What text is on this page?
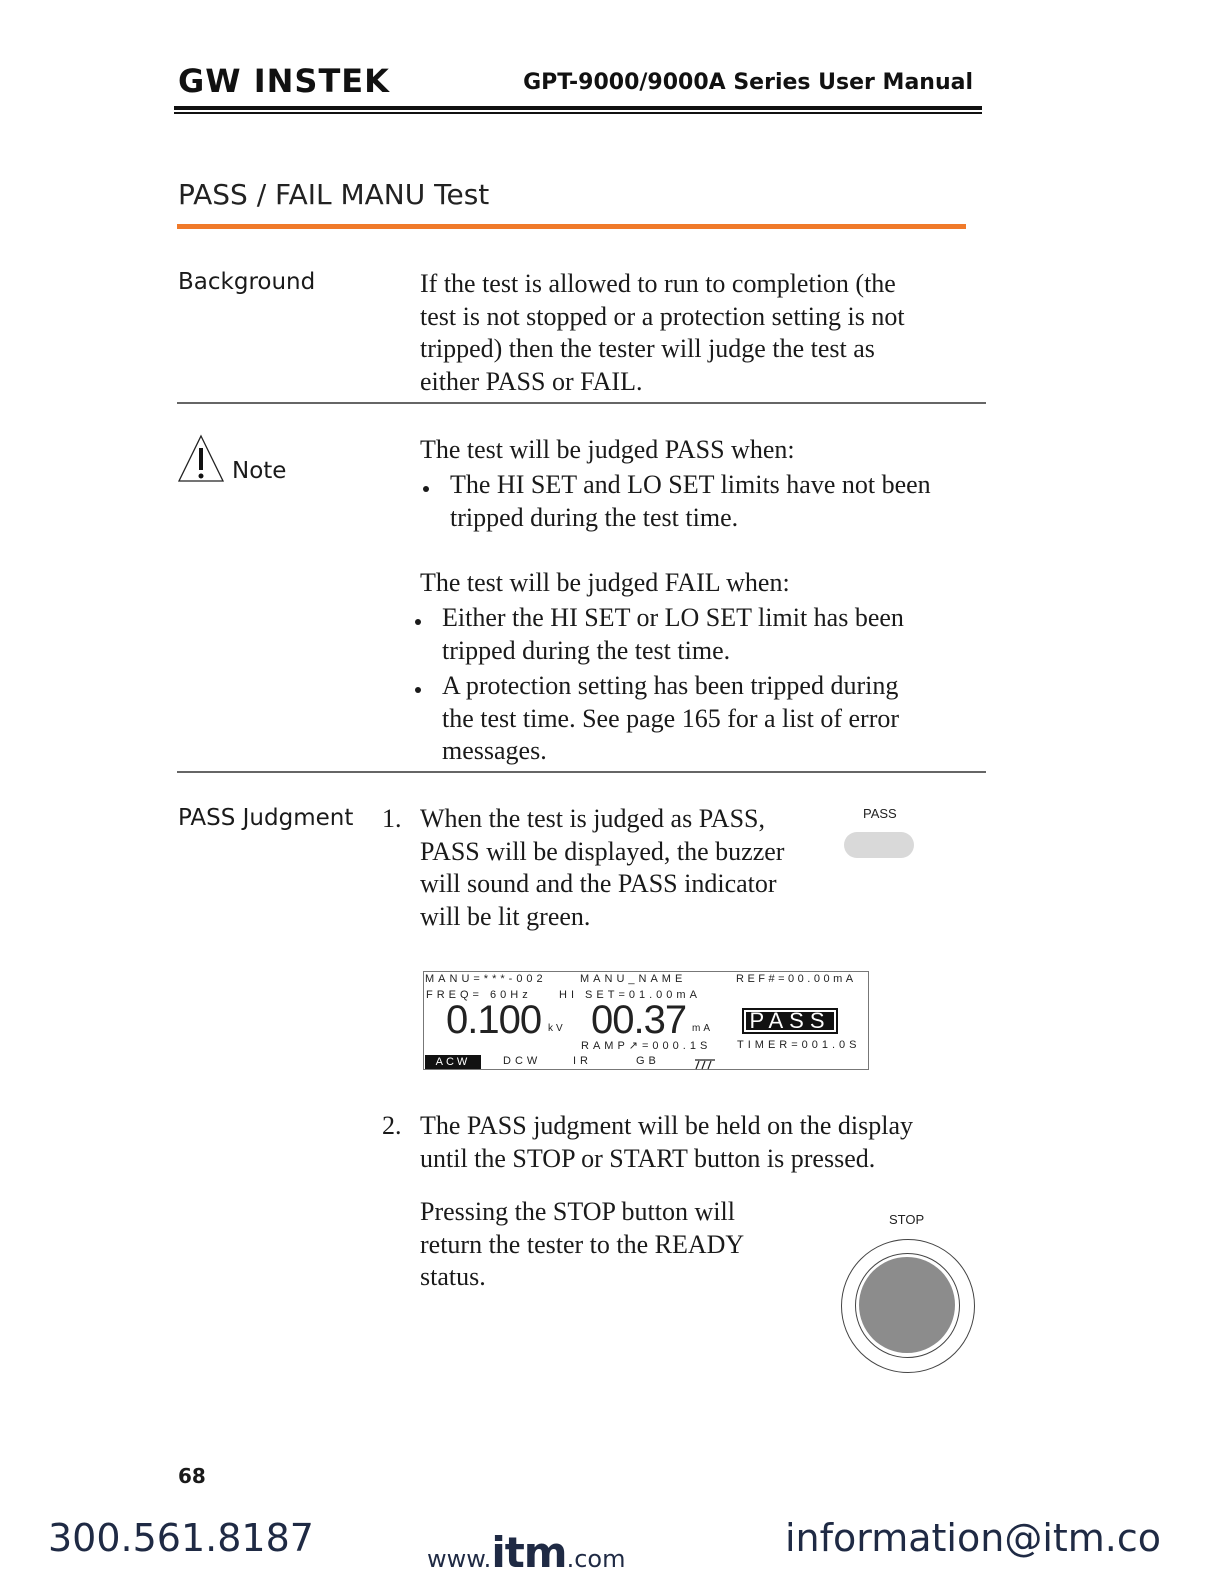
GW INSTEK	GPT-9000/9000A Series User Manual
PASS / FAIL MANU Test
Background	If the test is allowed to run to completion (the
test is not stopped or a protection setting is not
tripped) then the tester will judge the test as
either PASS or FAIL.
Note
The test will be judged PASS when:
The HI SET and LO SET limits have not been
tripped during the test time.
The test will be judged FAIL when:
Either the HI SET or LO SET limit has been
tripped during the test time.
A protection setting has been tripped during
the test time. See page 165 for a list of error
messages.
PASS Judgment 1. When the test is judged as PASS,
PASS will be displayed, the buzzer
will sound and the PASS indicator
will be lit green.
PASS
MANU=***-002	MANU_NAME	REF#=00.00mA
FREQ= 60Hz HI SET=01.00mA
0.100 kV 00.37 mA PASS
RAMP↗=000.1S TIMER=001.0S
ACW	DCW	IR	GB
2. The PASS judgment will be held on the display
until the STOP or START button is pressed.
Pressing the STOP button will
return the tester to the READY
status.
STOP
68
300.561.8187	www. itm .com	information@itm.co
